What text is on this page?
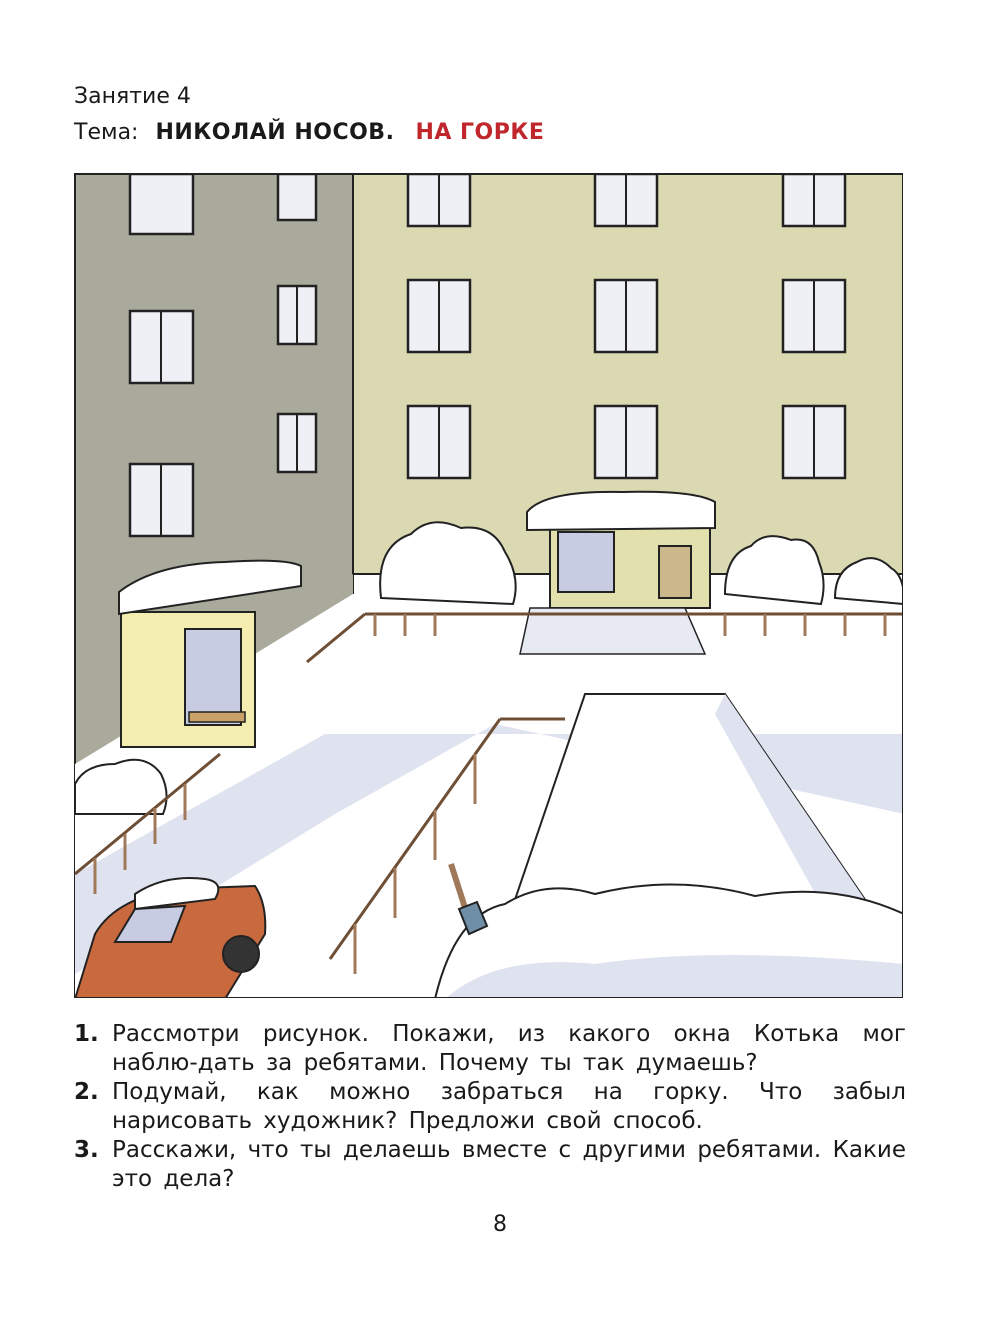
Занятие 4
Тема: НИКОЛАЙ НОСОВ. НА ГОРКЕ
1. Рассмотри рисунок. Покажи, из какого окна Котька мог наблю-дать за ребятами. Почему ты так думаешь?
2. Подумай, как можно забраться на горку. Что забыл нарисовать художник? Предложи свой способ.
3. Расскажи, что ты делаешь вместе с другими ребятами. Какие это дела?
8
